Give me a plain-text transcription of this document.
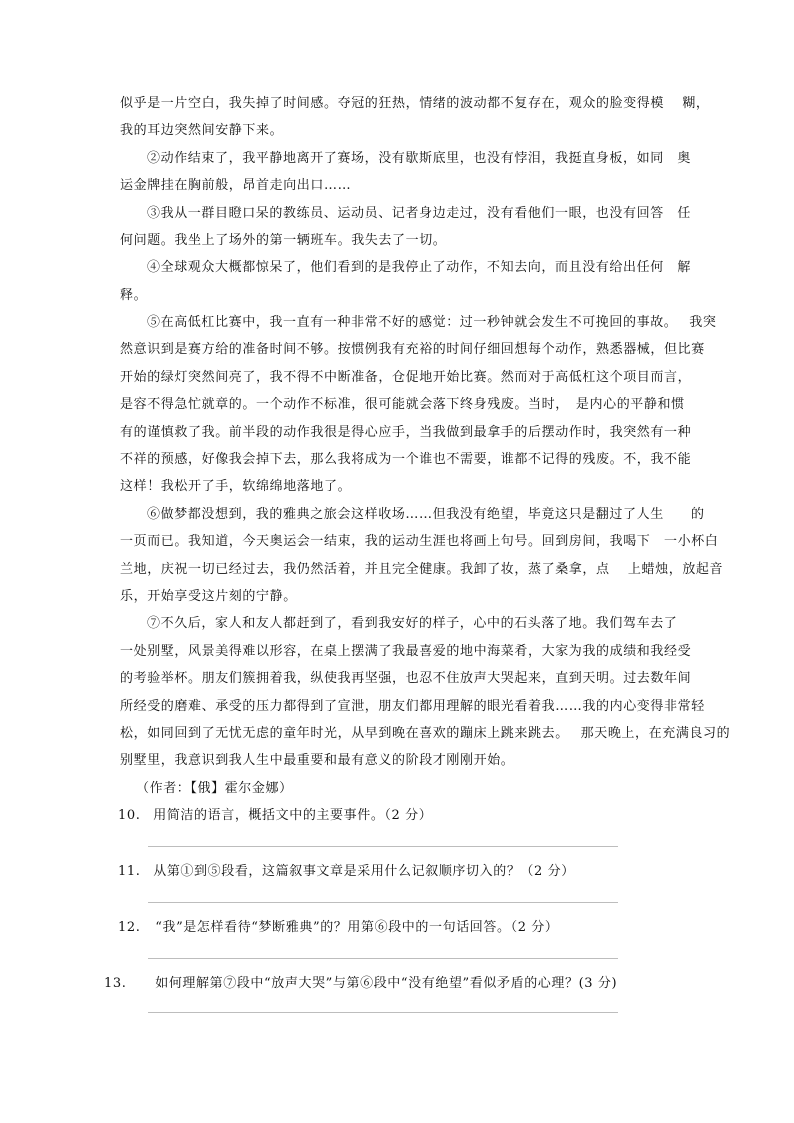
似乎是一片空白，我失掉了时间感。夺冠的狂热，情绪的波动都不复存在，观众的脸变得模　 糊，
我的耳边突然间安静下来。
②动作结束了，我平静地离开了赛场，没有歇斯底里，也没有悖泪，我挺直身板，如同　奥
运金牌挂在胸前般，昂首走向出口……
③我从一群目瞪口呆的教练员、运动员、记者身边走过，没有看他们一眼，也没有回答　任
何问题。我坐上了场外的第一辆班车。我失去了一切。
④全球观众大概都惊呆了，他们看到的是我停止了动作，不知去向，而且没有给出任何　解
释。
⑤在高低杠比赛中，我一直有一种非常不好的感觉：过一秒钟就会发生不可挽回的事故。　 我突
然意识到是赛方给的准备时间不够。按惯例我有充裕的时间仔细回想每个动作，熟悉器械，但比赛
开始的绿灯突然间亮了，我不得不中断准备，仓促地开始比赛。然而对于高低杠这个项目而言，
是容不得急忙就章的。一个动作不标准，很可能就会落下终身残废。当时，　是内心的平静和惯
有的谨慎救了我。前半段的动作我很是得心应手，当我做到最拿手的后摆动作时，我突然有一种
不祥的预感，好像我会掉下去，那么我将成为一个谁也不需要，谁都不记得的残废。不，我不能
这样！我松开了手，软绵绵地落地了。
⑥做梦都没想到，我的雅典之旅会这样收场……但我没有绝望，毕竟这只是翻过了人生　　的
一页而已。我知道，今天奥运会一结束，我的运动生涯也将画上句号。回到房间，我喝下　一小杯白
兰地，庆祝一切已经过去，我仍然活着，并且完全健康。我卸了妆，蒸了桑拿，点　 上蜡烛，放起音
乐，开始享受这片刻的宁静。
⑦不久后，家人和友人都赶到了，看到我安好的样子，心中的石头落了地。我们驾车去了
一处别墅，风景美得难以形容，在桌上摆满了我最喜爱的地中海菜肴，大家为我的成绩和我经受
的考验举杯。朋友们簇拥着我，纵使我再坚强，也忍不住放声大哭起来，直到天明。过去数年间
所经受的磨难、承受的压力都得到了宣泄，朋友们都用理解的眼光看着我……我的内心变得非常轻
松，如同回到了无忧无虑的童年时光，从早到晚在喜欢的蹦床上跳来跳去。　 那天晚上，在充满良习的
别墅里，我意识到我人生中最重要和最有意义的阶段才刚刚开始。
（作者：【俄】霍尔金娜）
10. 用简洁的语言，概括文中的主要事件。（2 分）
11. 从第①到⑤段看，这篇叙事文章是采用什么记叙顺序切入的？（2 分）
12. “我”是怎样看待“梦断雅典”的？用第⑥段中的一句话回答。（2 分）
13. 如何理解第⑦段中“放声大哭”与第⑥段中“没有绝望”看似矛盾的心理？(3 分)
